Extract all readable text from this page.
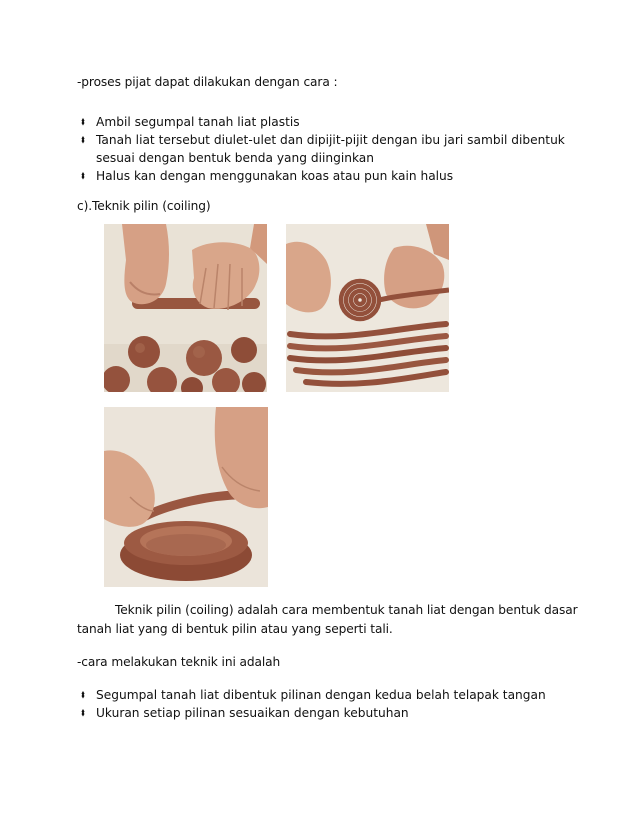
-proses pijat dapat dilakukan dengan cara :
Ambil segumpal tanah liat plastis
Tanah liat tersebut diulet-ulet dan dipijit-pijit dengan ibu jari sambil dibentuk
sesuai dengan bentuk benda yang diinginkan
Halus kan dengan menggunakan koas atau pun kain halus
c).Teknik pilin (coiling)
Teknik pilin (coiling) adalah cara membentuk tanah liat dengan bentuk dasar
tanah liat yang di bentuk pilin atau yang seperti tali.
-cara melakukan teknik ini adalah
Segumpal tanah liat dibentuk pilinan dengan kedua belah telapak tangan
Ukuran setiap pilinan sesuaikan dengan kebutuhan
